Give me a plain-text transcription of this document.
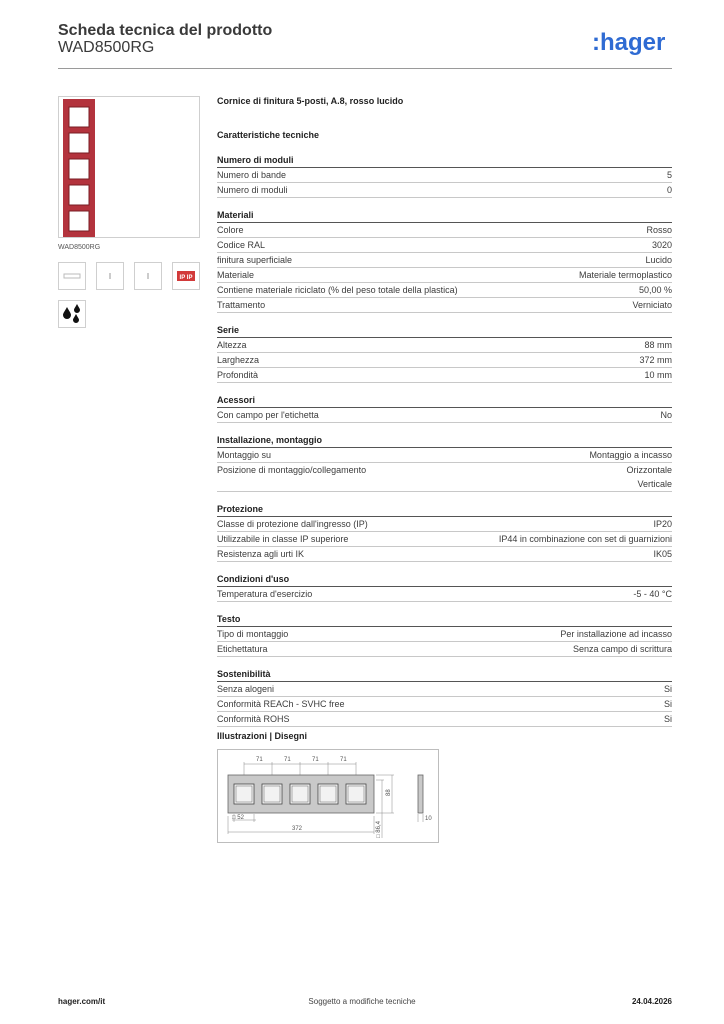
Scheda tecnica del prodotto
WAD8500RG	:hager
WAD8500RG
IP IP

Cornice di finitura 5-posti, A.8, rosso lucido

Caratteristiche tecniche

Numero di moduli
Numero di bande	5
Numero di moduli	0
Materiali
Colore	Rosso
Codice RAL	3020
finitura superficiale	Lucido
Materiale	Materiale termoplastico
Contiene materiale riciclato (% del peso totale della plastica)	50,00 %
Trattamento	Verniciato
Serie
Altezza	88 mm
Larghezza	372 mm
Profondità	10 mm
Acessori
Con campo per l'etichetta	No
Installazione, montaggio
Montaggio su	Montaggio a incasso
Posizione di montaggio/collegamento	Orizzontale
Verticale
Protezione
Classe di protezione dall'ingresso (IP)	IP20
Utilizzabile in classe IP superiore	IP44 in combinazione con set di guarnizioni
Resistenza agli urti IK	IK05
Condizioni d'uso
Temperatura d'esercizio	-5 - 40 °C
Testo
Tipo di montaggio	Per installazione ad incasso
Etichettatura	Senza campo di scrittura
Sostenibilità
Senza alogeni	Si
Conformità REACh - SVHC free	Si
Conformità ROHS	Si
Illustrazioni | Disegni
71	71	71	71
□ 52
372
88
□ 86,4
10
hager.com/it	Soggetto a modifiche tecniche	24.04.2026
